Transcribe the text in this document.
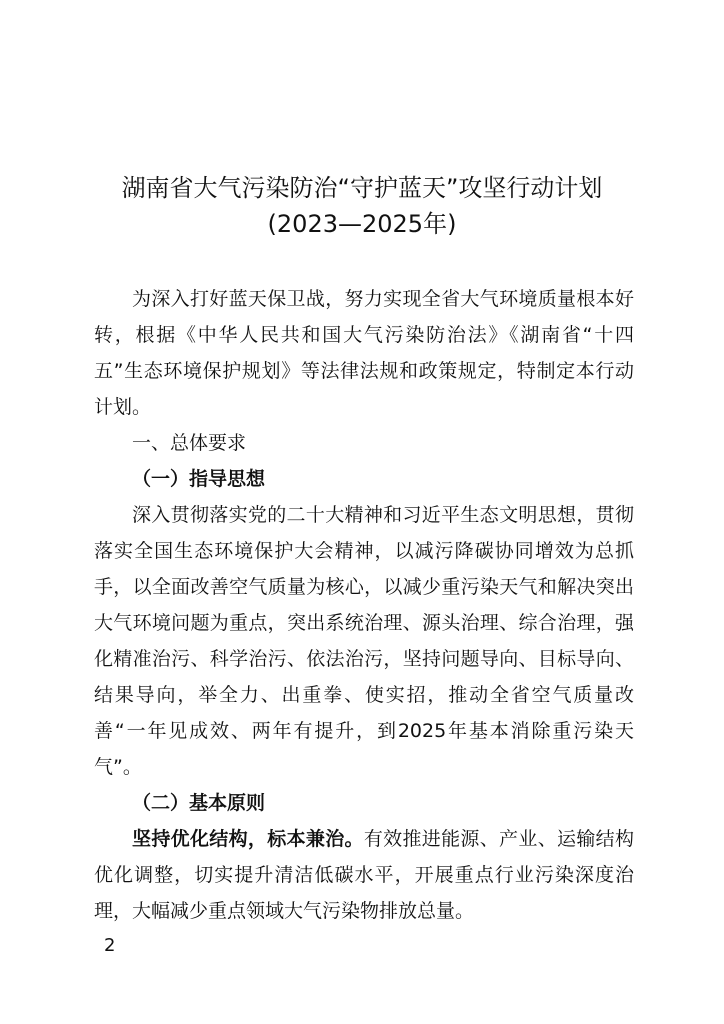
湖南省大气污染防治“守护蓝天”攻坚行动计划
(2023—2025年)

为深入打好蓝天保卫战，努力实现全省大气环境质量根本好转，根据《中华人民共和国大气污染防治法》《湖南省“十四五”生态环境保护规划》等法律法规和政策规定，特制定本行动计划。

一、总体要求

（一）指导思想

深入贯彻落实党的二十大精神和习近平生态文明思想，贯彻落实全国生态环境保护大会精神，以减污降碳协同增效为总抓手，以全面改善空气质量为核心，以减少重污染天气和解决突出大气环境问题为重点，突出系统治理、源头治理、综合治理，强化精准治污、科学治污、依法治污，坚持问题导向、目标导向、结果导向，举全力、出重拳、使实招，推动全省空气质量改善“一年见成效、两年有提升，到2025年基本消除重污染天气”。

（二）基本原则

坚持优化结构，标本兼治。有效推进能源、产业、运输结构优化调整，切实提升清洁低碳水平，开展重点行业污染深度治理，大幅减少重点领域大气污染物排放总量。

2
